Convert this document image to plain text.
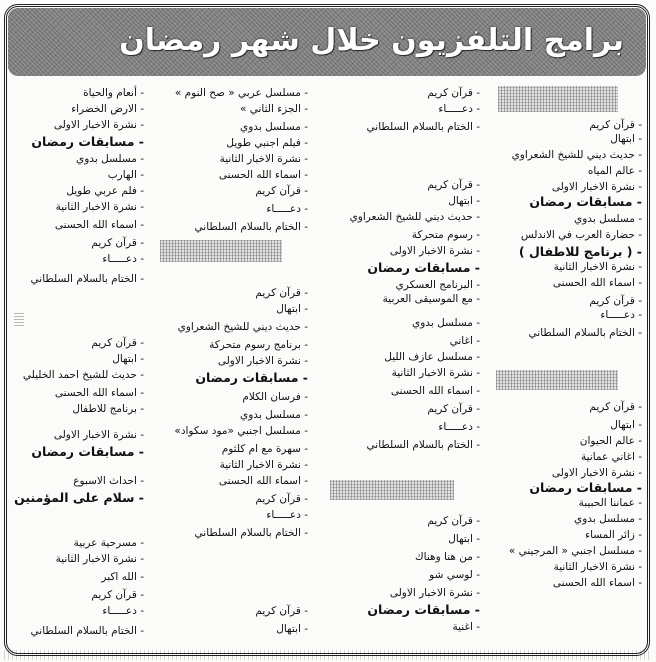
برامج التلفزيون خلال شهر رمضان
- قرآن كريم
- ابتهال
- حديث ديني للشيخ الشعراوي
- عالم المياه
- نشرة الاخبار الاولى
- مسابقات رمضان
- مسلسل بدوي
- حضارة العرب في الاندلس
- ( برنامج للاطفال )
- نشرة الاخبار الثانية
- اسماء الله الحسنى
- قرآن كريم
- دعـــــاء
- الختام بالسلام السلطاني
- قرآن كريم
- ابتهال
- عالم الحيوان
- اغاني عمانية
- نشرة الاخبار الاولى
- مسابقات رمضان
- عماننا الحبيبة
- مسلسل بدوي
- زائر المساء
- مسلسل اجنبي « المرجيني »
- نشرة الاخبار الثانية
- اسماء الله الحسنى
- قرآن كريم
- دعـــــاء
- الختام بالسلام السلطاني
- قرآن كريم
- ابتهال
- حديث ديني للشيخ الشعراوي
- رسوم متحركة
- نشرة الاخبار الاولى
- مسابقات رمضان
- البرنامج العسكري
- مع الموسيقى العربية
- مسلسل بدوي
- اغاني
- مسلسل عازف الليل
- نشرة الاخبار الثانية
- اسماء الله الحسنى
- قرآن كريم
- دعـــــاء
- الختام بالسلام السلطاني
- قرآن كريم
- ابتهال
- من هنا وهناك
- لوسي شو
- نشرة الاخبار الاولى
- مسابقات رمضان
- اغنية
- مسلسل عربي « صح النوم »
- الجزء الثاني »
- مسلسل بدوي
- فيلم اجنبي طويل
- نشرة الاخبار الثانية
- اسماء الله الحسنى
- قرآن كريم
- دعـــــاء
- الختام بالسلام السلطاني
- قرآن كريم
- ابتهال
- حديث ديني للشيخ الشعراوي
- برنامج رسوم متحركة
- نشرة الاخبار الاولى
- مسابقات رمضان
- فرسان الكلام
- مسلسل بدوي
- مسلسل اجنبي «مود سكواد»
- سهرة مع ام كلثوم
- نشرة الاخبار الثانية
- اسماء الله الحسنى
- قرآن كريم
- دعـــــاء
- الختام بالسلام السلطاني
- قرآن كريم
- ابتهال
- أنعام والحياة
- الارض الخضراء
- نشرة الاخبار الاولى
- مسابقات رمضان
- مسلسل بدوي
- الهارب
- فلم عربي طويل
- نشرة الاخبار الثانية
- اسماء الله الحسنى
- قرآن كريم
- دعـــــاء
- الختام بالسلام السلطاني
- قرآن كريم
- ابتهال
- حديث للشيخ احمد الخليلي
- اسماء الله الحسنى
- برنامج للاطفال
- نشرة الاخبار الاولى
- مسابقات رمضان
- احداث الاسبوع
- سلام على المؤمنين
- مسرحية عربية
- نشرة الاخبار الثانية
- الله اكبر
- قرآن كريم
- دعـــــاء
- الختام بالسلام السلطاني
